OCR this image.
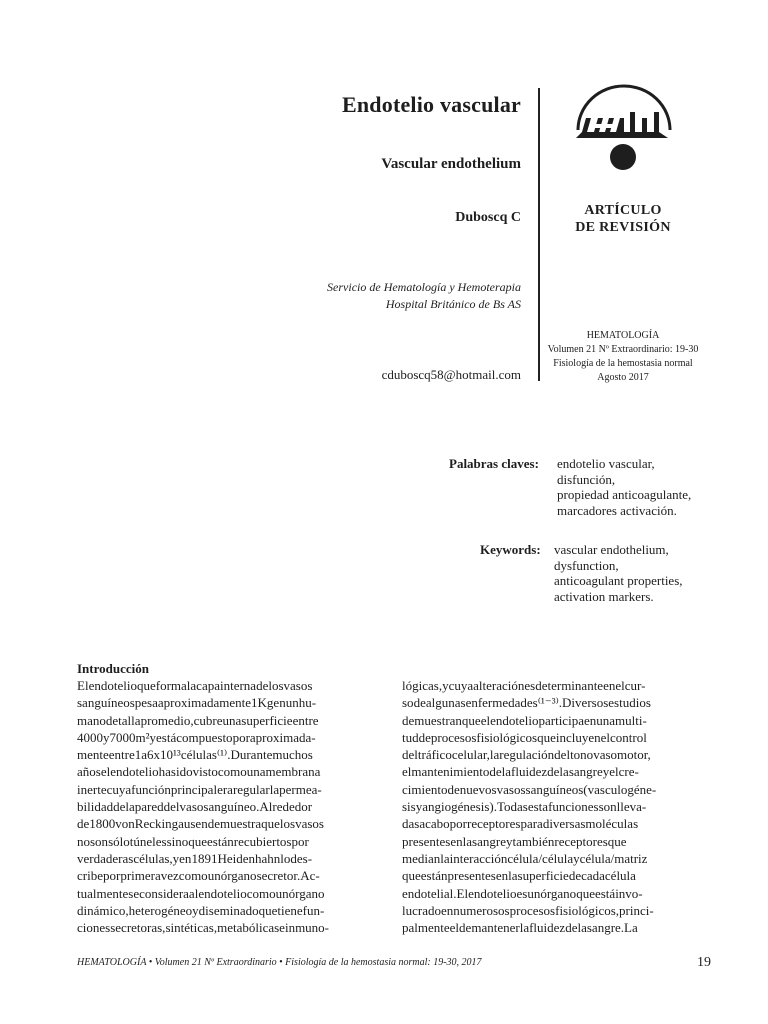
Endotelio vascular
Vascular endothelium
Duboscq C
Servicio de Hematología y Hemoterapia
Hospital Británico de Bs AS
cduboscq58@hotmail.com
ARTÍCULO
DE REVISIÓN
HEMATOLOGÍA
Volumen 21 Nº Extraordinario: 19-30
Fisiología de la hemostasia normal
Agosto 2017
Palabras claves: endotelio vascular,
disfunción,
propiedad anticoagulante,
marcadores activación.
Keywords: vascular endothelium,
dysfunction,
anticoagulant properties,
activation markers.
Introducción
Elendotelioqueformalacapainternadelosvasos
sanguíneospesaaproximadamente1Kgenunhu-
manodetallapromedio,cubreunasuperficieentre
4000y7000m²yestácompuestoporaproximada-
menteentre1a6x10¹³células⁽¹⁾.Durantemuchos
añoselendoteliohasidovistocomounamembrana
inertecuyafunciónprincipaleraregularlapermea-
bilidaddelapareddelvasosanguíneo.Alrededor
de1800vonReckingausendemuestraquelosvasos
nosonsólotúnelessinoqueestánrecubiertospor
verdaderascélulas,yen1891Heidenhahnlodes-
cribeporprimeravezcomounórganosecretor.Ac-
tualmenteseconsideraalendoteliocomounórgano
dinámico,heterogéneoydiseminadoquetienefun-
cionessecretoras,sintéticas,metabólicaseinmuno-
lógicas,ycuyaalteraciónesdeterminanteenelcur-
sodealgunasenfermedades⁽¹⁻³⁾.Diversosestudios
demuestranqueelendotelioparticipaenunamulti-
tuddeprocesosfisiológicosqueincluyenelcontrol
deltráficocelular,laregulacióndeltonovasomotor,
elmantenimientodelafluidezdelasangreyelcre-
cimientodenuevosvasossanguíneos(vasculogéne-
sisyangiogénesis).Todasestafuncionessonlleva-
dasacaboporreceptoresparadiversasmoléculas
presentesenlasangreytambiénreceptoresque
medianlainteraccióncélula/célulaycélula/matriz
queestánpresentesenlasuperficiedecadacélula
endotelial.Elendotelioesunórganoqueestáinvo-
lucradoennumerososprocesosfisiológicos,princi-
palmenteeldemantenerlafluidezdelasangre.La
HEMATOLOGÍA • Volumen 21 Nº Extraordinario • Fisiología de la hemostasia normal: 19-30, 2017	19
